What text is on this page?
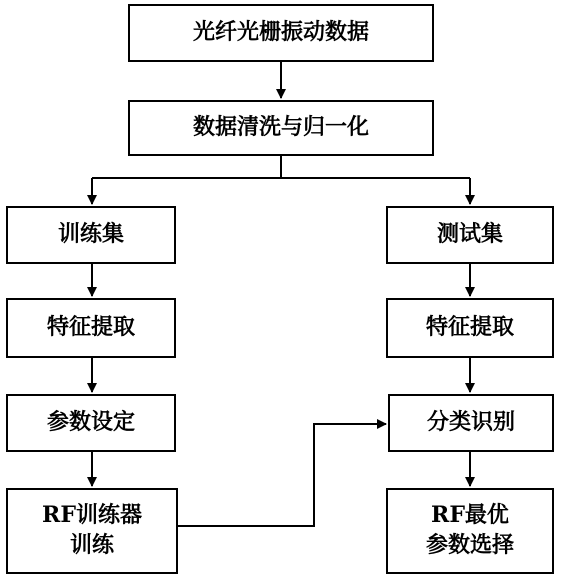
光纤光栅振动数据
数据清洗与归一化
训练集	测试集
特征提取	特征提取
参数设定	分类识别
RF训练器
训练
RF最优
参数选择
